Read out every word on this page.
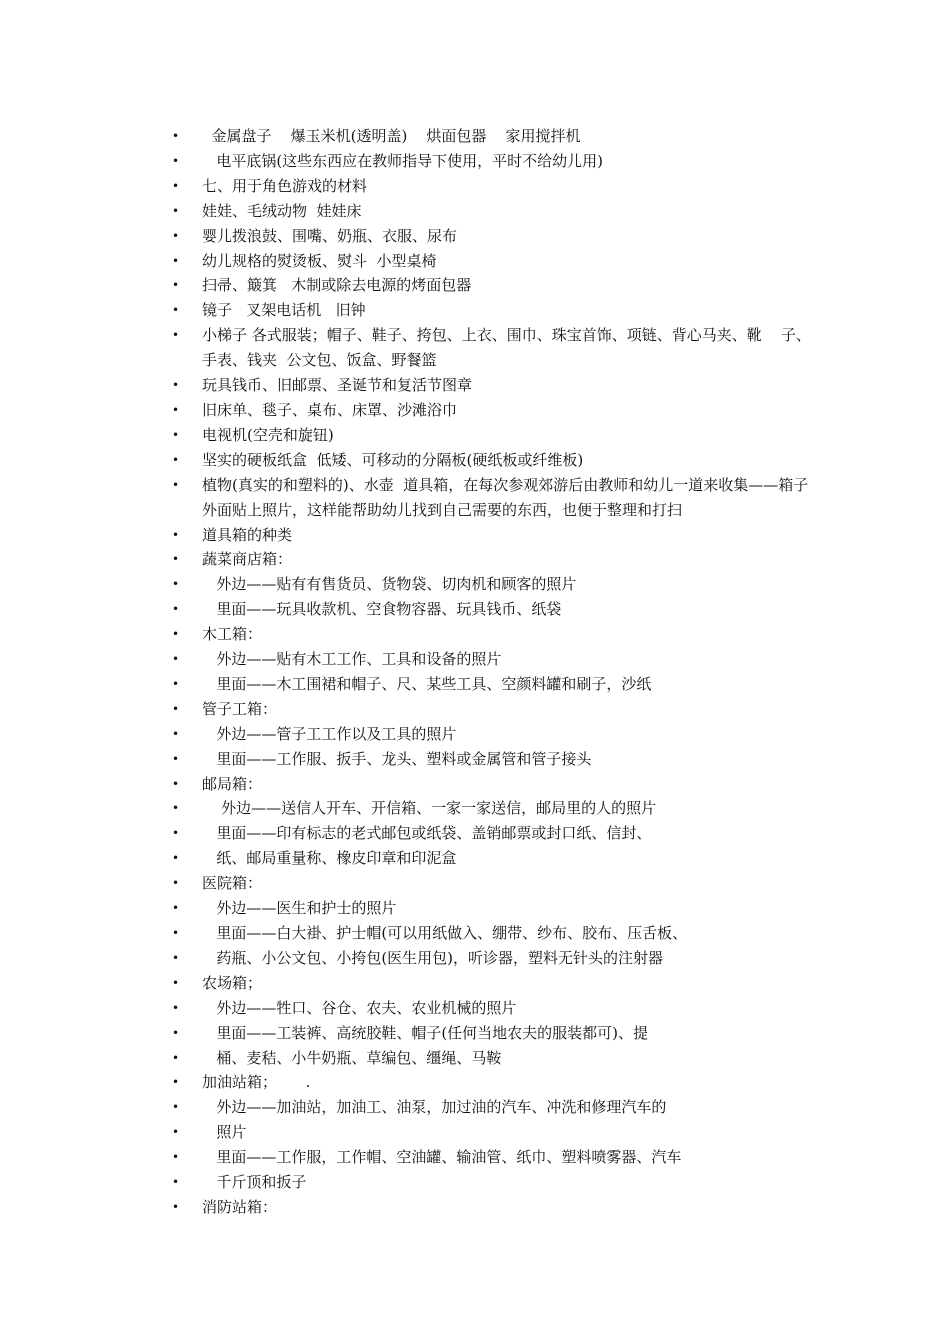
•	金属盘子    爆玉米机(透明盖)    烘面包器    家用搅拌机
•	电平底锅(这些东西应在教师指导下使用，平时不给幼儿用)
•	七、用于角色游戏的材料
•	娃娃、毛绒动物  娃娃床
•	婴儿拨浪鼓、围嘴、奶瓶、衣服、尿布
•	幼儿规格的熨烫板、熨斗  小型桌椅
•	扫帚、簸箕   木制或除去电源的烤面包器
•	镜子   叉架电话机   旧钟
•	小梯子 各式服装；帽子、鞋子、挎包、上衣、围巾、珠宝首饰、项链、背心马夹、靴    子、手表、钱夹  公文包、饭盒、野餐篮
•	玩具钱币、旧邮票、圣诞节和复活节图章
•	旧床单、毯子、桌布、床罩、沙滩浴巾
•	电视机(空壳和旋钮)
•	坚实的硬板纸盒  低矮、可移动的分隔板(硬纸板或纤维板)
•	植物(真实的和塑料的)、水壶  道具箱，在每次参观郊游后由教师和幼儿一道来收集——箱子外面贴上照片，这样能帮助幼儿找到自己需要的东西，也便于整理和打扫
•	道具箱的种类
•	蔬菜商店箱：
•	外边——贴有有售货员、货物袋、切肉机和顾客的照片
•	里面——玩具收款机、空食物容器、玩具钱币、纸袋
•	木工箱：
•	外边——贴有木工工作、工具和设备的照片
•	里面——木工围裙和帽子、尺、某些工具、空颜料罐和刷子，沙纸
•	管子工箱：
•	外边——管子工工作以及工具的照片
•	里面——工作服、扳手、龙头、塑料或金属管和管子接头
•	邮局箱：
•	外边——送信人开车、开信箱、一家一家送信，邮局里的人的照片
•	里面——印有标志的老式邮包或纸袋、盖销邮票或封口纸、信封、
•	纸、邮局重量称、橡皮印章和印泥盒
•	医院箱：
•	外边——医生和护士的照片
•	里面——白大褂、护士帽(可以用纸做入、绷带、纱布、胶布、压舌板、
•	药瓶、小公文包、小挎包(医生用包)，听诊器，塑料无针头的注射器
•	农场箱；
•	外边——牲口、谷仓、农夫、农业机械的照片
•	里面——工装裤、高统胶鞋、帽子(任何当地农夫的服装都可)、提
•	桶、麦秸、小牛奶瓶、草编包、缰绳、马鞍
•	加油站箱；      .
•	外边——加油站，加油工、油泵，加过油的汽车、冲洗和修理汽车的
•	照片
•	里面——工作服，工作帽、空油罐、输油管、纸巾、塑料喷雾器、汽车
•	千斤顶和扳子
•	消防站箱：
